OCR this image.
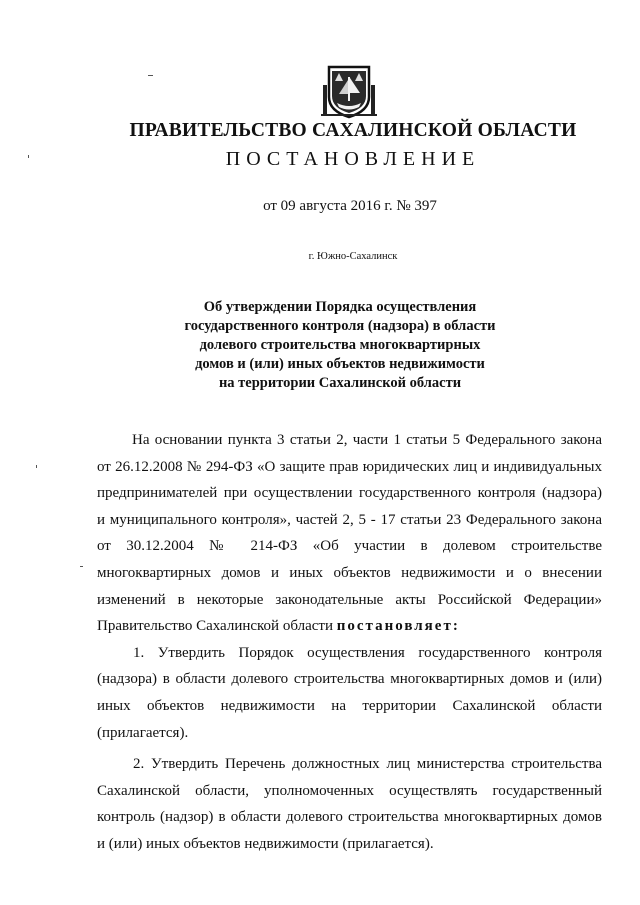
ПРАВИТЕЛЬСТВО САХАЛИНСКОЙ ОБЛАСТИ
ПОСТАНОВЛЕНИЕ
от 09 августа 2016 г. № 397
г. Южно-Сахалинск
Об утверждении Порядка осуществления
государственного контроля (надзора) в области
долевого строительства многоквартирных
домов и (или) иных объектов недвижимости
на территории Сахалинской области
На основании пункта 3 статьи 2, части 1 статьи 5 Федерального закона
от 26.12.2008 № 294-ФЗ «О защите прав юридических лиц и индивидуальных
предпринимателей при осуществлении государственного контроля (надзора)
и муниципального контроля», частей 2, 5 - 17 статьи 23 Федерального закона
от 30.12.2004 № 214-ФЗ «Об участии в долевом строительстве
многоквартирных домов и иных объектов недвижимости и о внесении
изменений в некоторые законодательные акты Российской Федерации»
Правительство Сахалинской области постановляет:
1. Утвердить Порядок осуществления государственного контроля
(надзора) в области долевого строительства многоквартирных домов и (или)
иных объектов недвижимости на территории Сахалинской области
(прилагается).
2. Утвердить Перечень должностных лиц министерства строительства
Сахалинской области, уполномоченных осуществлять государственный
контроль (надзор) в области долевого строительства многоквартирных домов
и (или) иных объектов недвижимости (прилагается).
